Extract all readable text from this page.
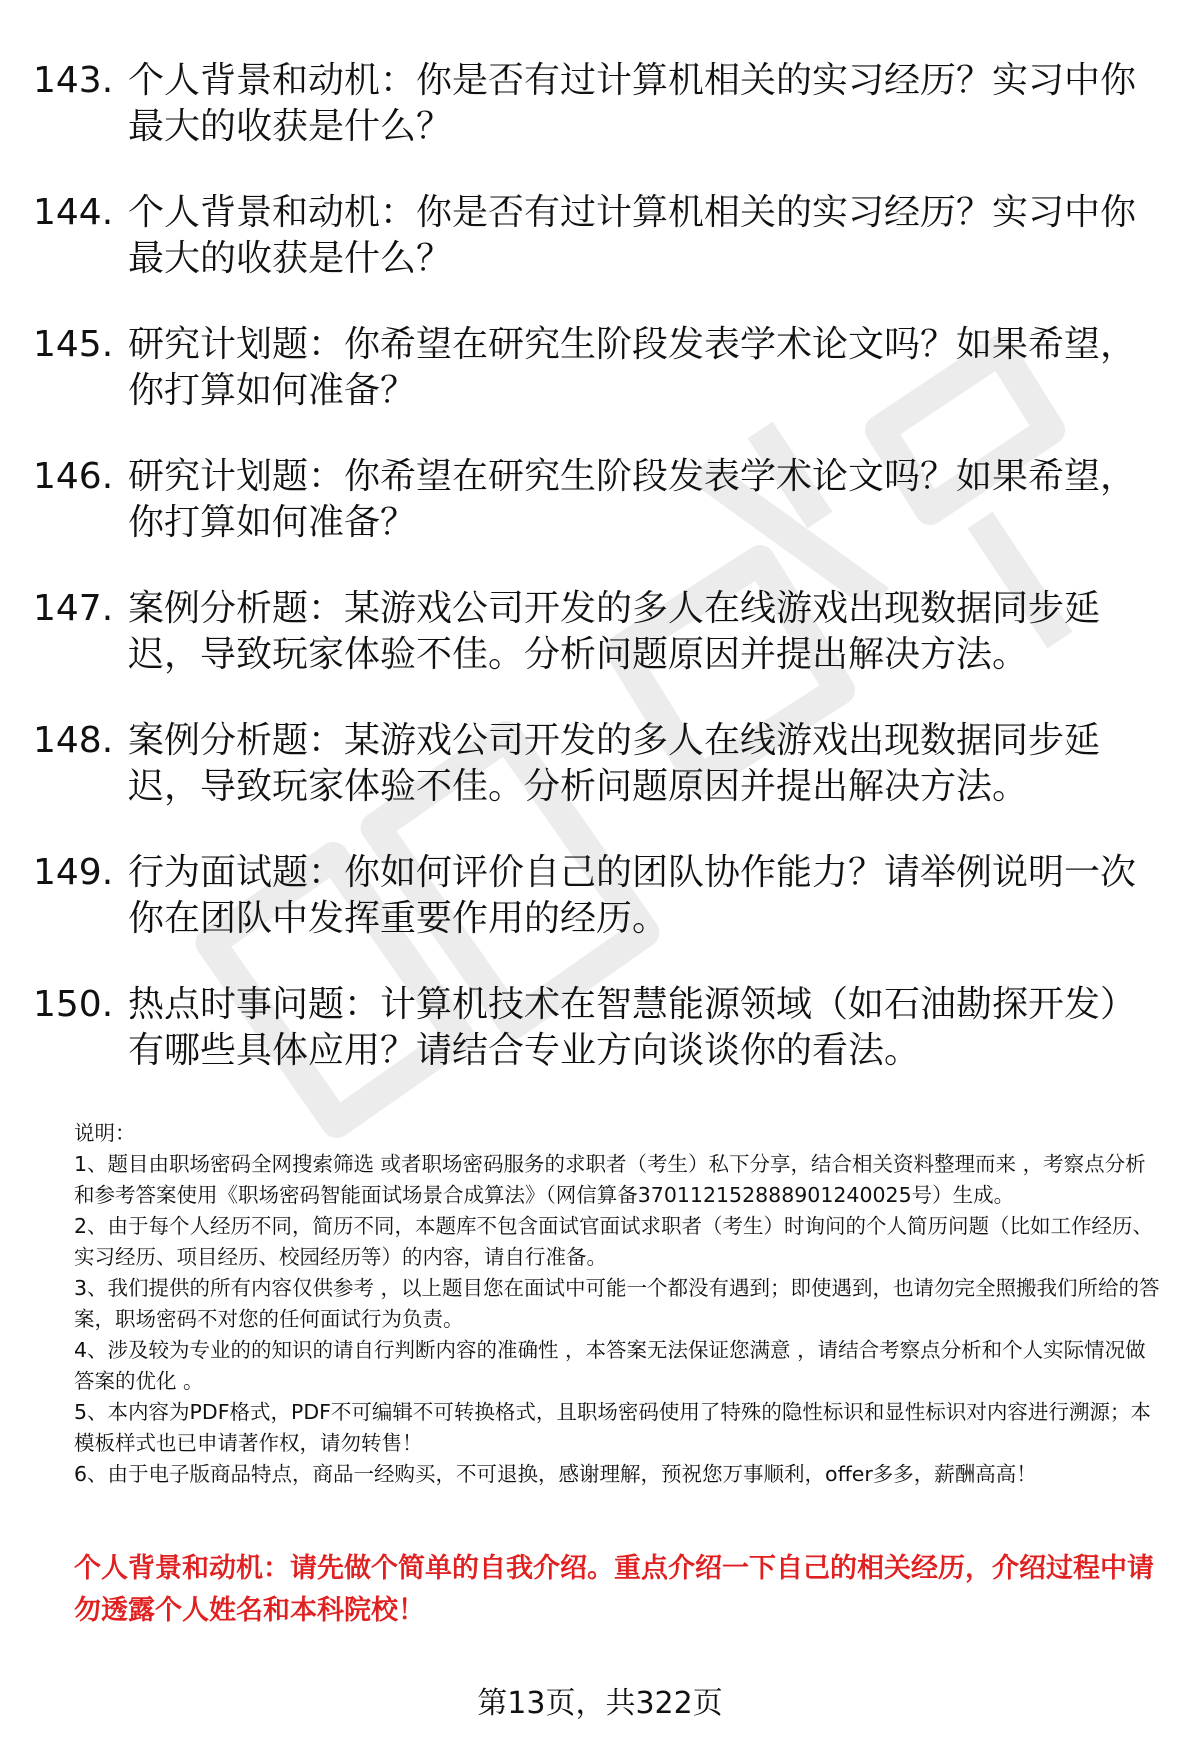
143. 个人背景和动机：你是否有过计算机相关的实习经历？实习中你最大的收获是什么？
144. 个人背景和动机：你是否有过计算机相关的实习经历？实习中你最大的收获是什么？
145. 研究计划题：你希望在研究生阶段发表学术论文吗？如果希望，你打算如何准备？
146. 研究计划题：你希望在研究生阶段发表学术论文吗？如果希望，你打算如何准备？
147. 案例分析题：某游戏公司开发的多人在线游戏出现数据同步延迟，导致玩家体验不佳。分析问题原因并提出解决方法。
148. 案例分析题：某游戏公司开发的多人在线游戏出现数据同步延迟，导致玩家体验不佳。分析问题原因并提出解决方法。
149. 行为面试题：你如何评价自己的团队协作能力？请举例说明一次你在团队中发挥重要作用的经历。
150. 热点时事问题：计算机技术在智慧能源领域（如石油勘探开发）有哪些具体应用？请结合专业方向谈谈你的看法。

说明：

1、题目由职场密码全网搜索筛选 或者职场密码服务的求职者（考生）私下分享，结合相关资料整理而来 ，考察点分析和参考答案使用《职场密码智能面试场景合成算法》（网信算备370112152888901240025号）生成。

2、由于每个人经历不同，简历不同，本题库不包含面试官面试求职者（考生）时询问的个人简历问题（比如工作经历、实习经历、项目经历、校园经历等）的内容，请自行准备。

3、我们提供的所有内容仅供参考 ，以上题目您在面试中可能一个都没有遇到；即使遇到，也请勿完全照搬我们所给的答案，职场密码不对您的任何面试行为负责。

4、涉及较为专业的的知识的请自行判断内容的准确性 ，本答案无法保证您满意 ，请结合考察点分析和个人实际情况做答案的优化 。

5、本内容为PDF格式，PDF不可编辑不可转换格式，且职场密码使用了特殊的隐性标识和显性标识对内容进行溯源；本模板样式也已申请著作权，请勿转售！

6、由于电子版商品特点，商品一经购买，不可退换，感谢理解，预祝您万事顺利，offer多多，薪酬高高！

个人背景和动机：请先做个简单的自我介绍。重点介绍一下自己的相关经历，介绍过程中请勿透露个人姓名和本科院校！
第13页，共322页
